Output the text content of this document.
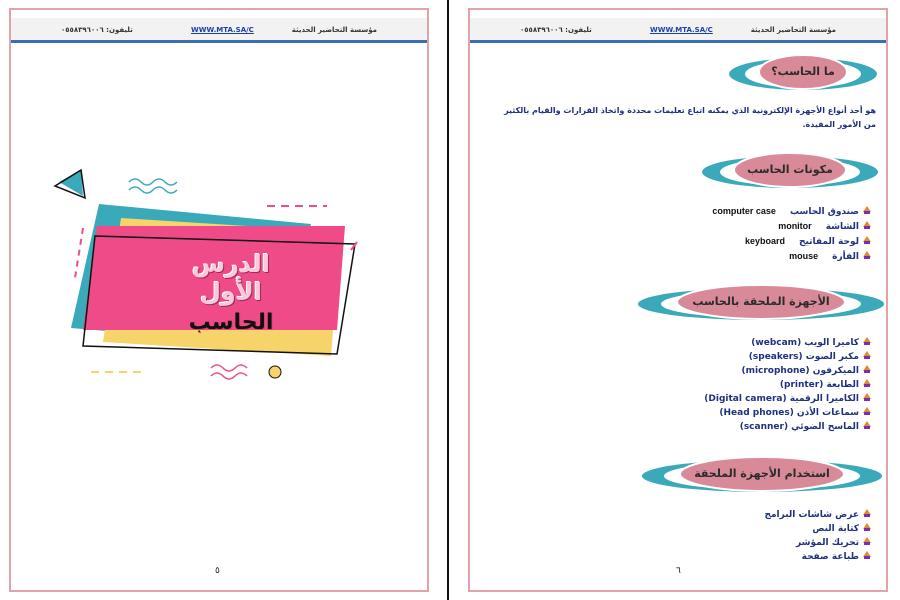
مؤسسة التحاضير الحديثة
WWW.MTA.SA/C
تليفون: ٠٥٥٨٣٩٦٠٠٦
الدرس الأول
الحاسب
٥
مؤسسة التحاضير الحديثة
WWW.MTA.SA/C
تليفون: ٠٥٥٨٣٩٦٠٠٦
ما الحاسب؟
هو أحد أنواع الأجهزة الإلكترونية الذي يمكنه اتباع تعليمات محددة واتخاذ القرارات والقيام بالكثير من الأمور المفيدة.
مكونات الحاسب
صندوق الحاسبcomputer case
الشاشةmonitor
لوحة المفاتيحkeyboard
الفأرةmouse
الأجهزة الملحقة بالحاسب
كاميرا الويب (webcam)
مكبر الصوت (speakers)
الميكرفون (microphone)
الطابعة (printer)
الكاميرا الرقمية (Digital camera)
سماعات الأذن (Head phones)
الماسح الضوئي (scanner)
استخدام الأجهزة الملحقة
عرض شاشات البرامج
كتابة النص
تحريك المؤشر
طباعة صفحة
٦
